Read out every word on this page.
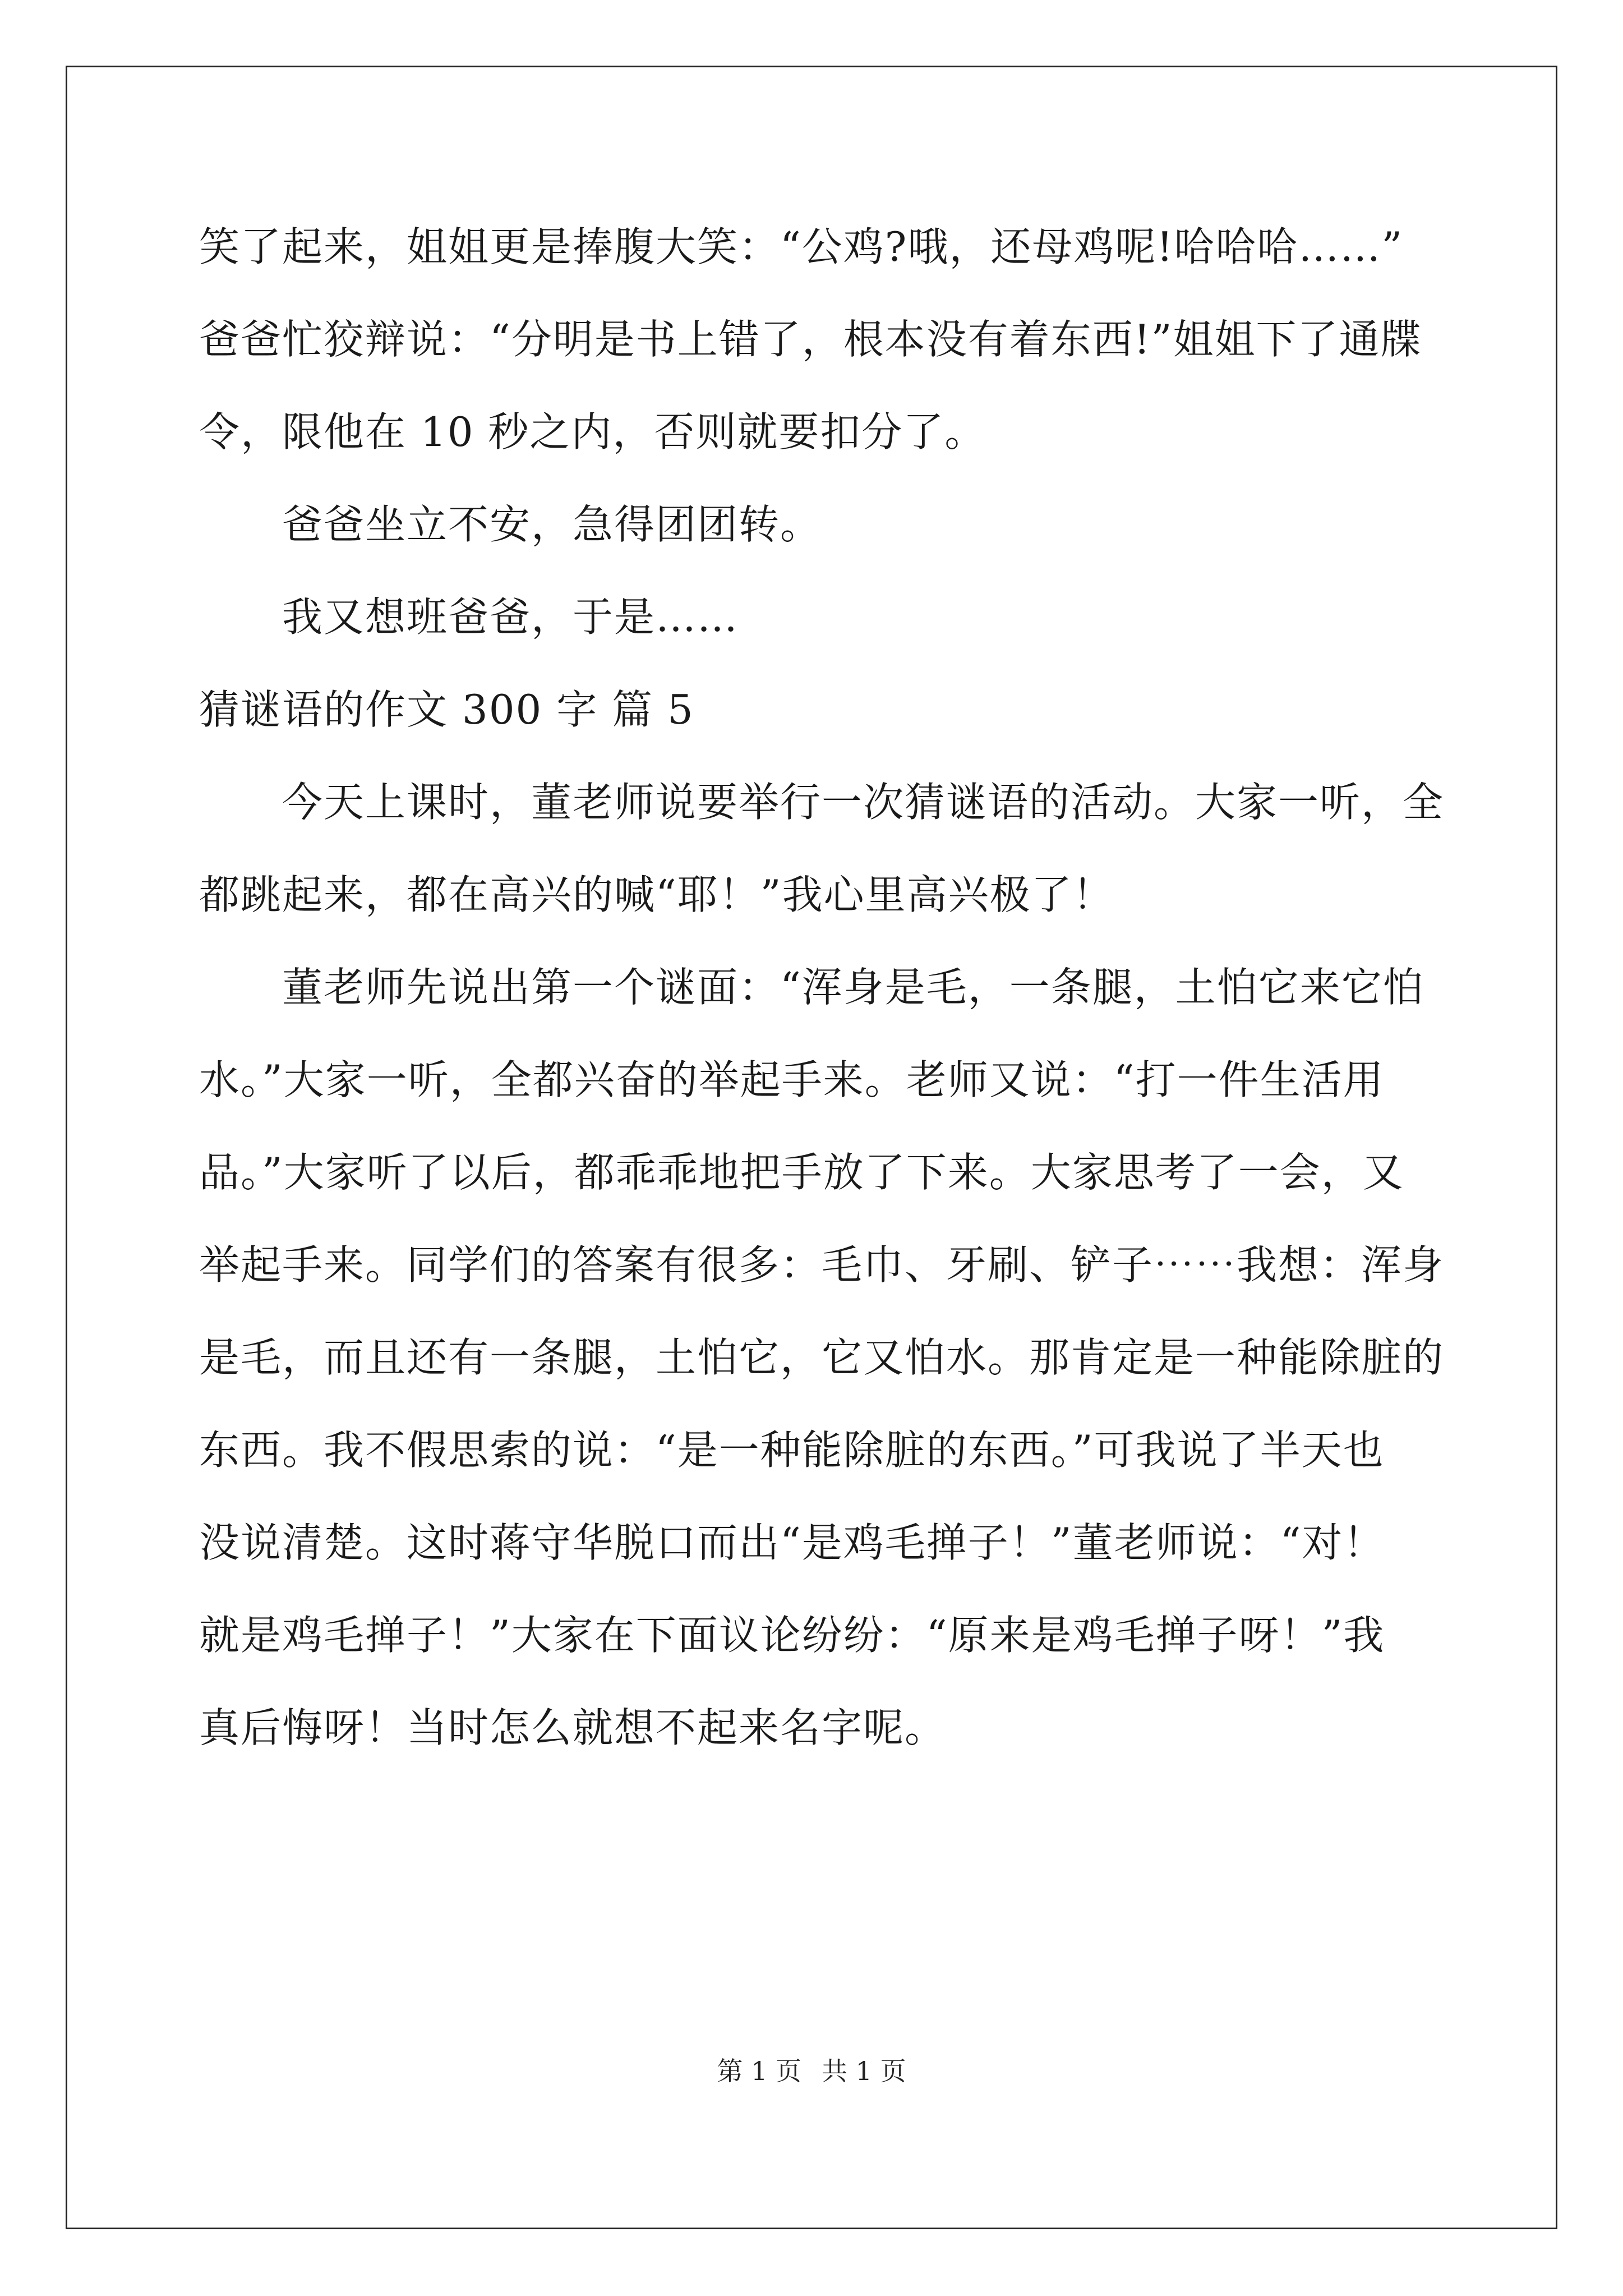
笑了起来，姐姐更是捧腹大笑：“公鸡?哦，还母鸡呢!哈哈哈……”
爸爸忙狡辩说：“分明是书上错了，根本没有着东西!”姐姐下了通牒
令，限他在 10 秒之内，否则就要扣分了。
爸爸坐立不安，急得团团转。
我又想班爸爸，于是……
猜谜语的作文 300 字 篇 5
今天上课时，董老师说要举行一次猜谜语的活动。大家一听，全
都跳起来，都在高兴的喊“耶！”我心里高兴极了！
董老师先说出第一个谜面：“浑身是毛，一条腿，土怕它来它怕
水。”大家一听，全都兴奋的举起手来。老师又说：“打一件生活用
品。”大家听了以后，都乖乖地把手放了下来。大家思考了一会，又
举起手来。同学们的答案有很多：毛巾、牙刷、铲子⋯⋯我想：浑身
是毛，而且还有一条腿，土怕它，它又怕水。那肯定是一种能除脏的
东西。我不假思索的说：“是一种能除脏的东西。”可我说了半天也
没说清楚。这时蒋守华脱口而出“是鸡毛掸子！”董老师说：“对！
就是鸡毛掸子！”大家在下面议论纷纷：“原来是鸡毛掸子呀！”我
真后悔呀！当时怎么就想不起来名字呢。
第 1 页 共 1 页
